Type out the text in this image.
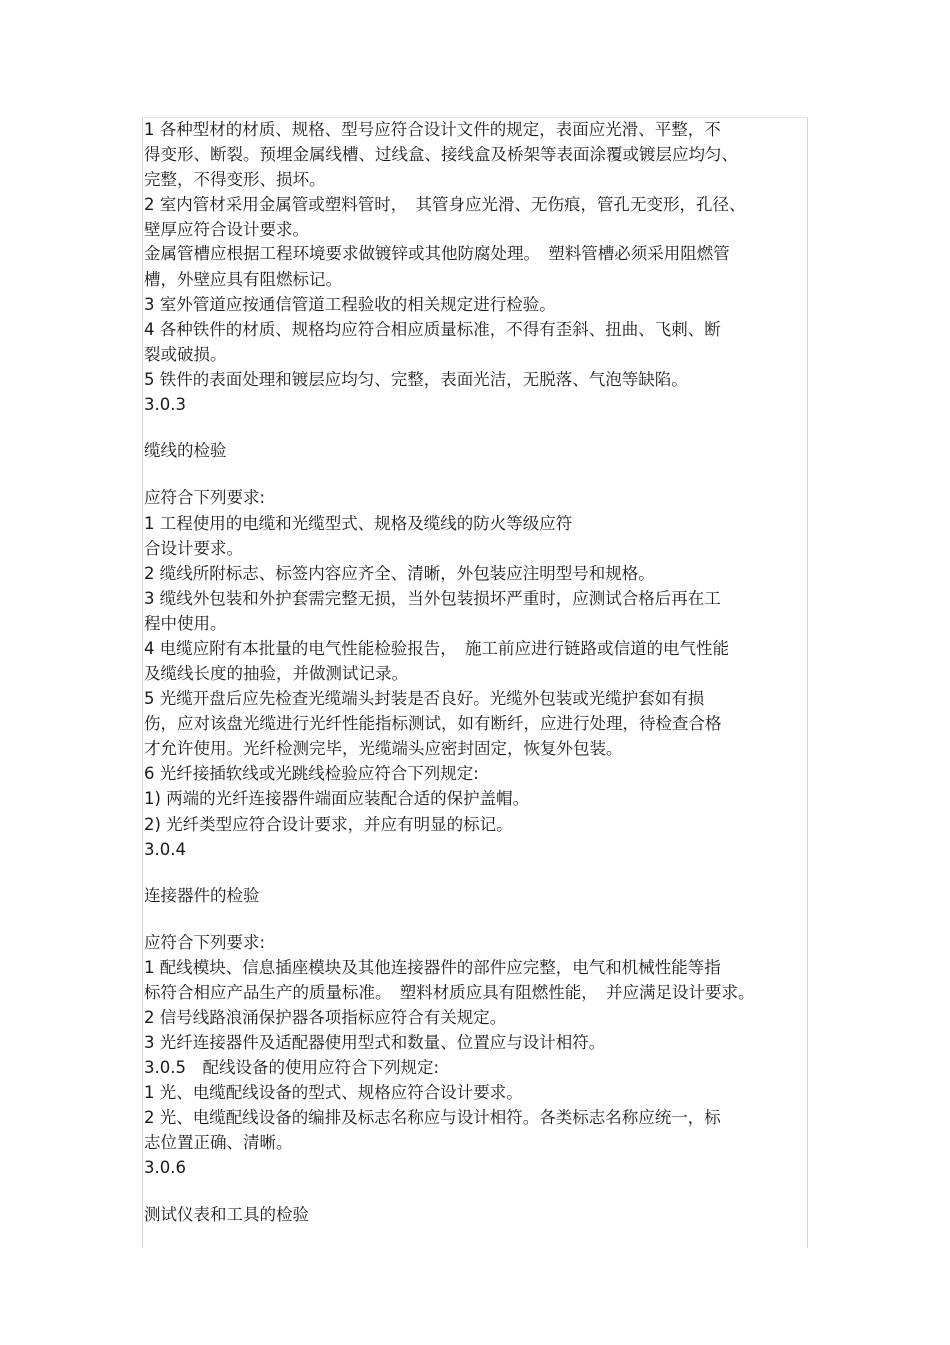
1 各种型材的材质、规格、型号应符合设计文件的规定，表面应光滑、平整，不
得变形、断裂。预埋金属线槽、过线盒、接线盒及桥架等表面涂覆或镀层应均匀、
完整，不得变形、损坏。
2 室内管材采用金属管或塑料管时，　其管身应光滑、无伤痕，管孔无变形，孔径、
壁厚应符合设计要求。
金属管槽应根据工程环境要求做镀锌或其他防腐处理。　塑料管槽必须采用阻燃管
槽，外壁应具有阻燃标记。
3 室外管道应按通信管道工程验收的相关规定进行检验。
4 各种铁件的材质、规格均应符合相应质量标准，不得有歪斜、扭曲、飞刺、断
裂或破损。
5 铁件的表面处理和镀层应均匀、完整，表面光洁，无脱落、气泡等缺陷。
3.0.3
缆线的检验
应符合下列要求:
1 工程使用的电缆和光缆型式、规格及缆线的防火等级应符
合设计要求。
2 缆线所附标志、标签内容应齐全、清晰，外包装应注明型号和规格。
3 缆线外包装和外护套需完整无损，当外包装损坏严重时，应测试合格后再在工
程中使用。
4 电缆应附有本批量的电气性能检验报告，　施工前应进行链路或信道的电气性能
及缆线长度的抽验，并做测试记录。
5 光缆开盘后应先检查光缆端头封装是否良好。光缆外包装或光缆护套如有损
伤，应对该盘光缆进行光纤性能指标测试，如有断纤，应进行处理，待检查合格
才允许使用。光纤检测完毕，光缆端头应密封固定，恢复外包装。
6 光纤接插软线或光跳线检验应符合下列规定:
1) 两端的光纤连接器件端面应装配合适的保护盖帽。
2) 光纤类型应符合设计要求，并应有明显的标记。
3.0.4
连接器件的检验
应符合下列要求:
1 配线模块、信息插座模块及其他连接器件的部件应完整，电气和机械性能等指
标符合相应产品生产的质量标准。　塑料材质应具有阻燃性能，　并应满足设计要求。
2 信号线路浪涌保护器各项指标应符合有关规定。
3 光纤连接器件及适配器使用型式和数量、位置应与设计相符。
3.0.5　配线设备的使用应符合下列规定:
1 光、电缆配线设备的型式、规格应符合设计要求。
2 光、电缆配线设备的编排及标志名称应与设计相符。各类标志名称应统一，标
志位置正确、清晰。
3.0.6
测试仪表和工具的检验
